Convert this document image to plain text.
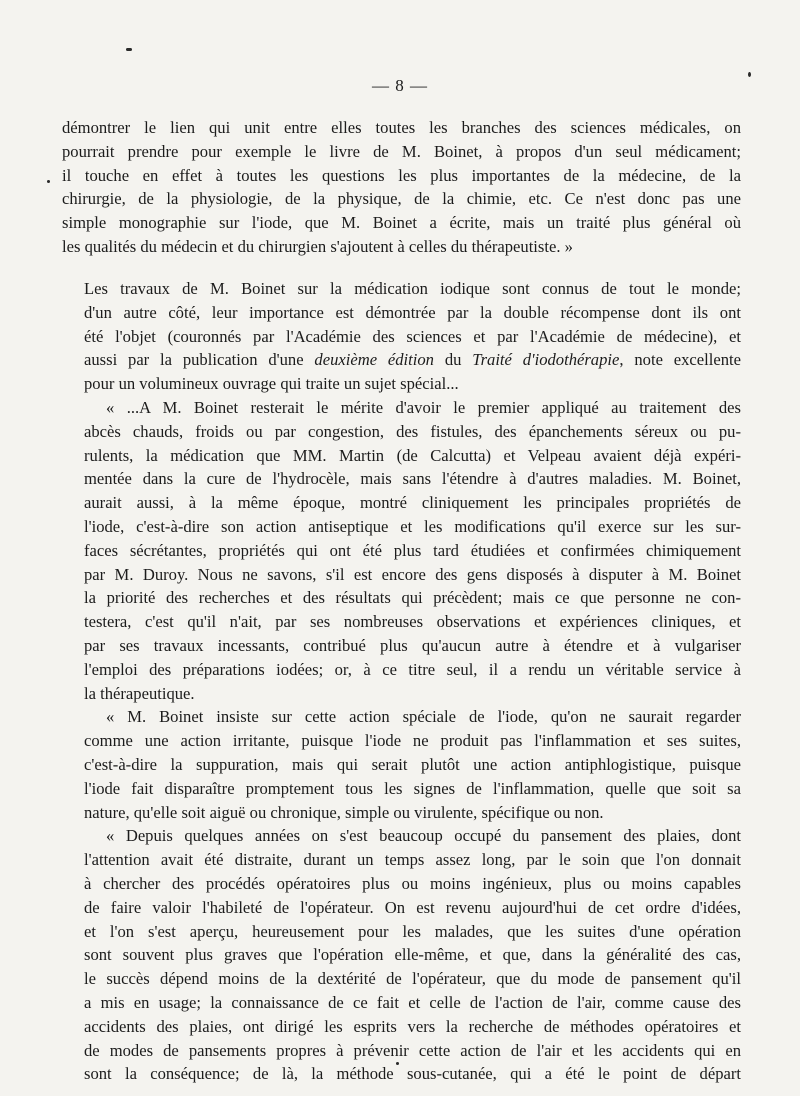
— 8 —

démontrer le lien qui unit entre elles toutes les branches des sciences médicales, on
pourrait prendre pour exemple le livre de M. Boinet, à propos d'un seul médicament;
il touche en effet à toutes les questions les plus importantes de la médecine, de la
chirurgie, de la physiologie, de la physique, de la chimie, etc. Ce n'est donc pas une
simple monographie sur l'iode, que M. Boinet a écrite, mais un traité plus général où
les qualités du médecin et du chirurgien s'ajoutent à celles du thérapeutiste. »

Les travaux de M. Boinet sur la médication iodique sont connus de tout le monde;
d'un autre côté, leur importance est démontrée par la double récompense dont ils ont
été l'objet (couronnés par l'Académie des sciences et par l'Académie de médecine), et
aussi par la publication d'une deuxième édition du Traité d'iodothérapie, note excellente
pour un volumineux ouvrage qui traite un sujet spécial...

« ...A M. Boinet resterait le mérite d'avoir le premier appliqué au traitement des
abcès chauds, froids ou par congestion, des fistules, des épanchements séreux ou pu-
rulents, la médication que MM. Martin (de Calcutta) et Velpeau avaient déjà expéri-
mentée dans la cure de l'hydrocèle, mais sans l'étendre à d'autres maladies. M. Boinet,
aurait aussi, à la même époque, montré cliniquement les principales propriétés de
l'iode, c'est-à-dire son action antiseptique et les modifications qu'il exerce sur les sur-
faces sécrétantes, propriétés qui ont été plus tard étudiées et confirmées chimiquement
par M. Duroy. Nous ne savons, s'il est encore des gens disposés à disputer à M. Boinet
la priorité des recherches et des résultats qui précèdent; mais ce que personne ne con-
testera, c'est qu'il n'ait, par ses nombreuses observations et expériences cliniques, et
par ses travaux incessants, contribué plus qu'aucun autre à étendre et à vulgariser
l'emploi des préparations iodées; or, à ce titre seul, il a rendu un véritable service à
la thérapeutique.

« M. Boinet insiste sur cette action spéciale de l'iode, qu'on ne saurait regarder
comme une action irritante, puisque l'iode ne produit pas l'inflammation et ses suites,
c'est-à-dire la suppuration, mais qui serait plutôt une action antiphlogistique, puisque
l'iode fait disparaître promptement tous les signes de l'inflammation, quelle que soit sa
nature, qu'elle soit aiguë ou chronique, simple ou virulente, spécifique ou non.

« Depuis quelques années on s'est beaucoup occupé du pansement des plaies, dont
l'attention avait été distraite, durant un temps assez long, par le soin que l'on donnait
à chercher des procédés opératoires plus ou moins ingénieux, plus ou moins capables
de faire valoir l'habileté de l'opérateur. On est revenu aujourd'hui de cet ordre d'idées,
et l'on s'est aperçu, heureusement pour les malades, que les suites d'une opération
sont souvent plus graves que l'opération elle-même, et que, dans la généralité des cas,
le succès dépend moins de la dextérité de l'opérateur, que du mode de pansement qu'il
a mis en usage; la connaissance de ce fait et celle de l'action de l'air, comme cause des
accidents des plaies, ont dirigé les esprits vers la recherche de méthodes opératoires et
de modes de pansements propres à prévenir cette action de l'air et les accidents qui en
sont la conséquence; de là, la méthode sous-cutanée, qui a été le point de départ
